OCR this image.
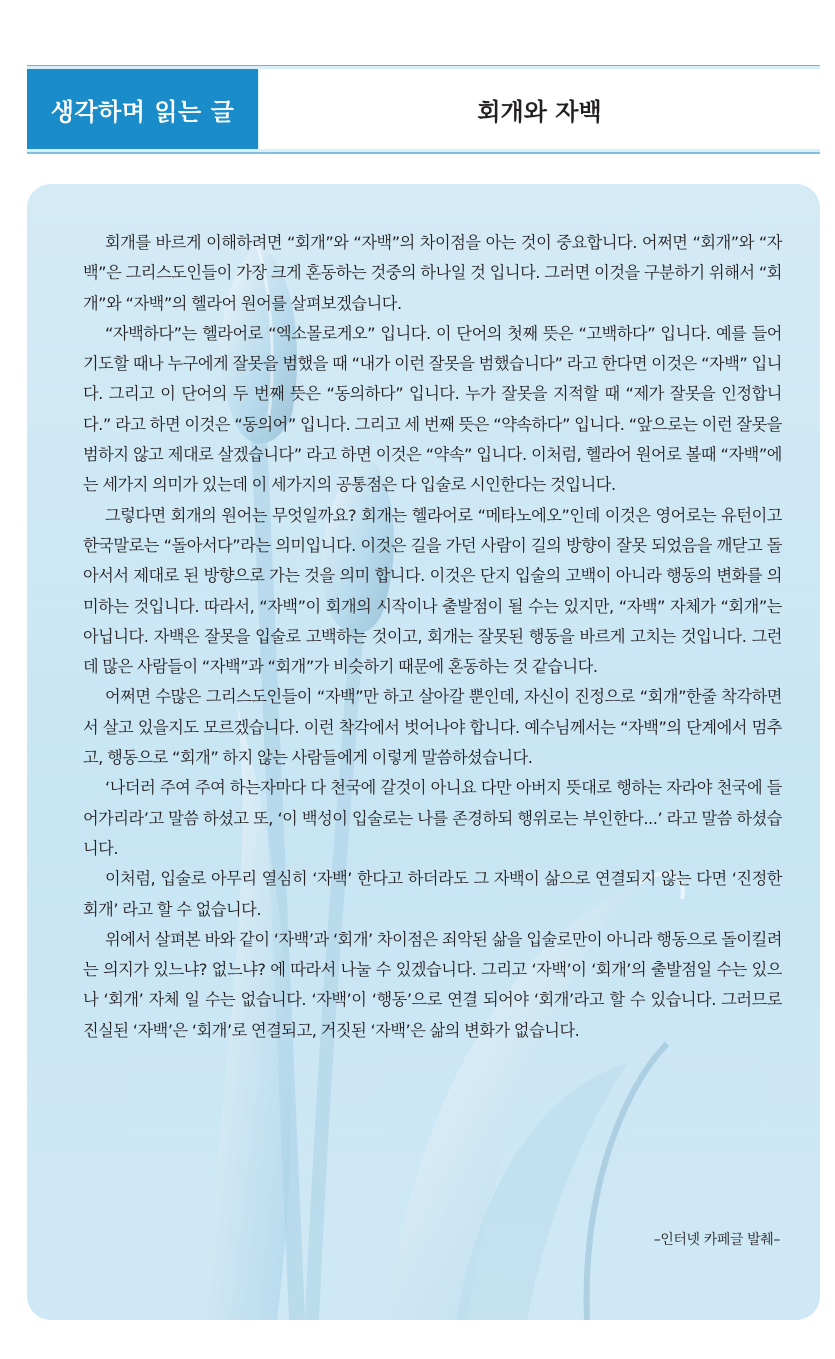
생각하며 읽는 글	회개와 자백

회개를 바르게 이해하려면 “회개”와 “자백”의 차이점을 아는 것이 중요합니다. 어쩌면 “회개”와 “자백”은 그리스도인들이 가장 크게 혼동하는 것중의 하나일 것 입니다. 그러면 이것을 구분하기 위해서 “회개”와 “자백”의 헬라어 원어를 살펴보겠습니다.

“자백하다”는 헬라어로 “엑소몰로게오” 입니다. 이 단어의 첫째 뜻은 “고백하다” 입니다. 예를 들어 기도할 때나 누구에게 잘못을 범했을 때 “내가 이런 잘못을 범했습니다” 라고 한다면 이것은 “자백” 입니다. 그리고 이 단어의 두 번째 뜻은 “동의하다” 입니다. 누가 잘못을 지적할 때 “제가 잘못을 인정합니다.” 라고 하면 이것은 “동의어” 입니다. 그리고 세 번째 뜻은 “약속하다” 입니다. “앞으로는 이런 잘못을 범하지 않고 제대로 살겠습니다” 라고 하면 이것은 “약속” 입니다. 이처럼, 헬라어 원어로 볼때 “자백”에는 세가지 의미가 있는데 이 세가지의 공통점은 다 입술로 시인한다는 것입니다.

그렇다면 회개의 원어는 무엇일까요? 회개는 헬라어로 “메타노에오”인데 이것은 영어로는 유턴이고 한국말로는 “돌아서다”라는 의미입니다. 이것은 길을 가던 사람이 길의 방향이 잘못 되었음을 깨닫고 돌아서서 제대로 된 방향으로 가는 것을 의미 합니다. 이것은 단지 입술의 고백이 아니라 행동의 변화를 의미하는 것입니다. 따라서, “자백”이 회개의 시작이나 출발점이 될 수는 있지만, “자백” 자체가 “회개”는 아닙니다. 자백은 잘못을 입술로 고백하는 것이고, 회개는 잘못된 행동을 바르게 고치는 것입니다. 그런데 많은 사람들이 “자백”과 “회개”가 비슷하기 때문에 혼동하는 것 같습니다.

어쩌면 수많은 그리스도인들이 “자백”만 하고 살아갈 뿐인데, 자신이 진정으로 “회개”한줄 착각하면서 살고 있을지도 모르겠습니다. 이런 착각에서 벗어나야 합니다. 예수님께서는 “자백”의 단계에서 멈추고, 행동으로 “회개” 하지 않는 사람들에게 이렇게 말씀하셨습니다.

‘나더러 주여 주여 하는자마다 다 천국에 갈것이 아니요 다만 아버지 뜻대로 행하는 자라야 천국에 들어가리라’고 말씀 하셨고 또, ‘이 백성이 입술로는 나를 존경하되 행위로는 부인한다...’ 라고 말씀 하셨습니다.

이처럼, 입술로 아무리 열심히 ‘자백’ 한다고 하더라도 그 자백이 삶으로 연결되지 않는 다면 ‘진정한 회개’ 라고 할 수 없습니다.

위에서 살펴본 바와 같이 ‘자백’과 ‘회개’ 차이점은 죄악된 삶을 입술로만이 아니라 행동으로 돌이킬려는 의지가 있느냐? 없느냐? 에 따라서 나눌 수 있겠습니다. 그리고 ‘자백’이 ‘회개’의 출발점일 수는 있으나 ‘회개’ 자체 일 수는 없습니다. ‘자백’이 ‘행동’으로 연결 되어야 ‘회개’라고 할 수 있습니다. 그러므로 진실된 ‘자백’은 ‘회개’로 연결되고, 거짓된 ‘자백’은 삶의 변화가 없습니다.

–인터넷 카페글 발췌–
